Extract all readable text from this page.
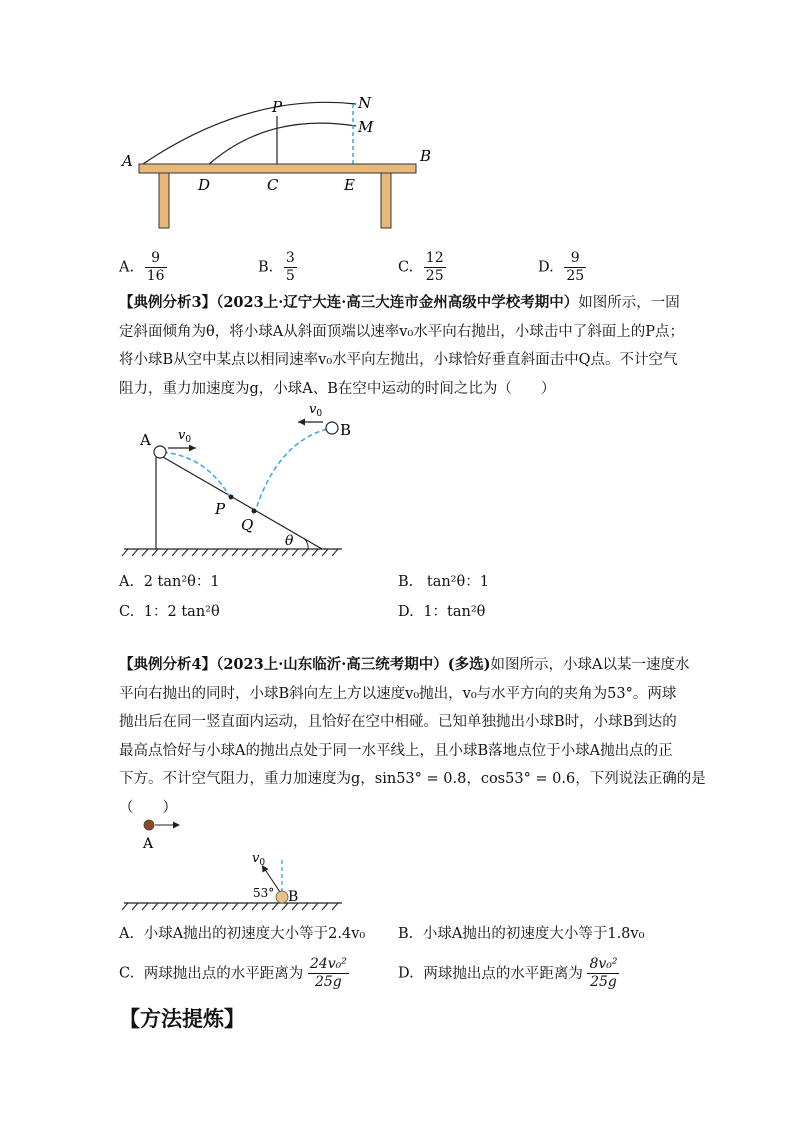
A	B
D	C	E
P	N
M
A. $\frac{9}{16}$	B. $\frac{3}{5}$	C. $\frac{12}{25}$	D. $\frac{9}{25}$
【典例分析3】（2023上·辽宁大连·高三大连市金州高级中学校考期中）如图所示，一固
定斜面倾角为θ，将小球A从斜面顶端以速率v₀水平向右抛出，小球击中了斜面上的P点；
将小球B从空中某点以相同速率v₀水平向左抛出，小球恰好垂直斜面击中Q点。不计空气
阻力，重力加速度为g，小球A、B在空中运动的时间之比为（　　）
A
B
P
Q
θ
$v_0$
$v_0$
A. 2 tan²θ：1	B. tan²θ：1
C. 1：2 tan²θ	D. 1：tan²θ
【典例分析4】（2023上·山东临沂·高三统考期中）(多选)如图所示，小球A以某一速度水
平向右抛出的同时，小球B斜向左上方以速度v₀抛出，v₀与水平方向的夹角为53°。两球
抛出后在同一竖直面内运动，且恰好在空中相碰。已知单独抛出小球B时，小球B到达的
最高点恰好与小球A的抛出点处于同一水平线上，且小球B落地点位于小球A抛出点的正
下方。不计空气阻力，重力加速度为g，sin53° = 0.8，cos53° = 0.6，下列说法正确的是
（　　）
A
B
53°
$v_0$
A. 小球A抛出的初速度大小等于2.4v₀ B. 小球A抛出的初速度大小等于1.8v₀
C. 两球抛出点的水平距离为 $\frac{\text{24v₀²}}{25g}$	D. 两球抛出点的水平距离为 $\frac{\text{8v₀²}}{25g}$
【方法提炼】
